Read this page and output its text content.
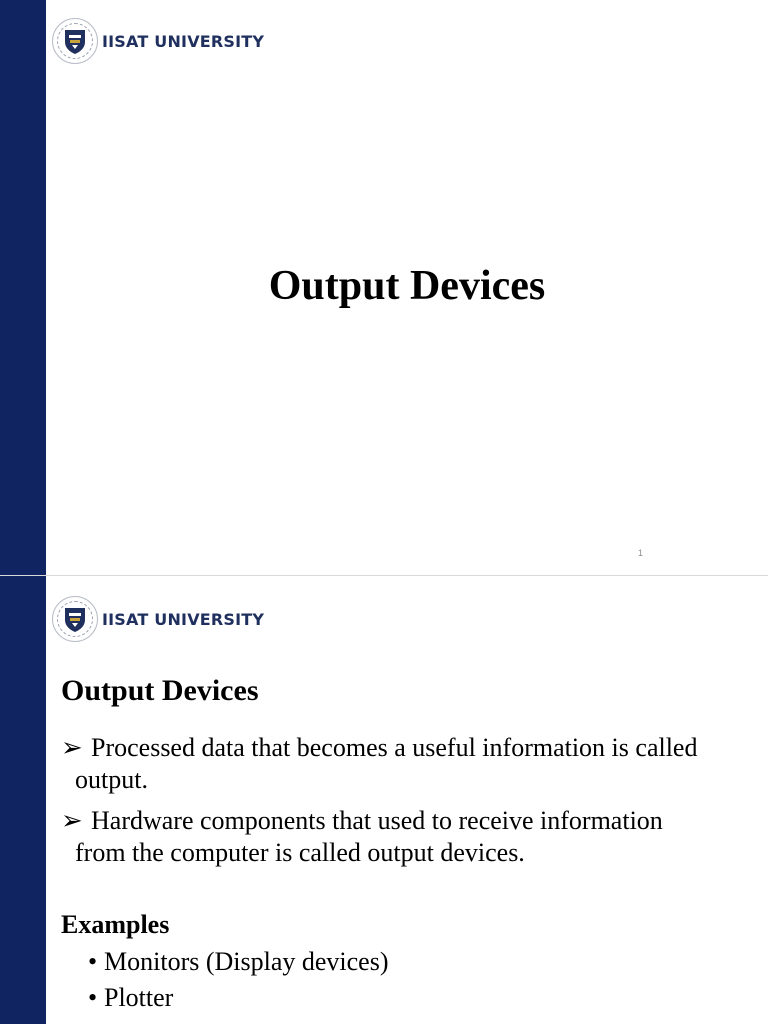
IISAT UNIVERSITY
Output Devices
1
IISAT UNIVERSITY
Output Devices
➢ Processed data that becomes a useful information is called output.
➢ Hardware components that used to receive information from the computer is called output devices.
Examples
• Monitors (Display devices)
• Plotter
